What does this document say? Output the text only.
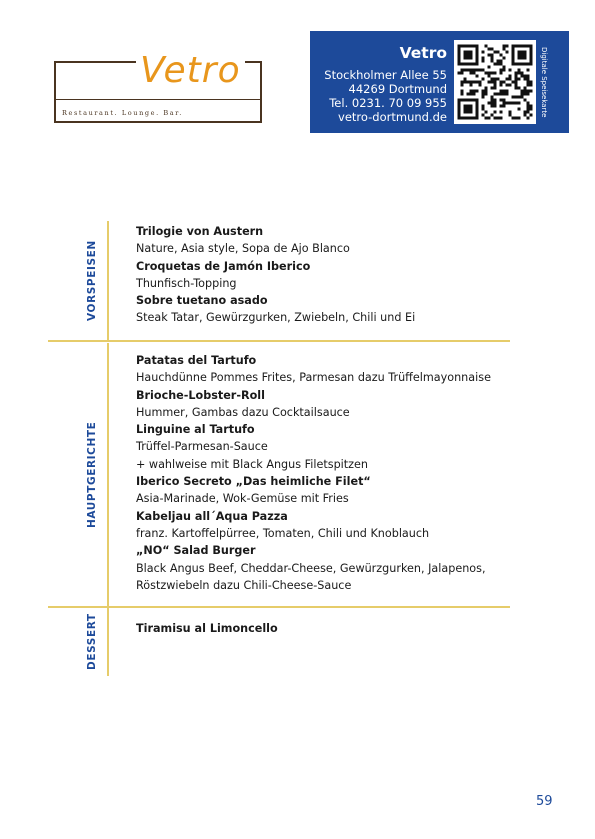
Vetro
Restaurant. Lounge. Bar.
Vetro
Stockholmer Allee 55
44269 Dortmund
Tel. 0231. 70 09 955
vetro-dortmund.de	Digitale Speisekarte
VORSPEISEN
HAUPTGERICHTE
DESSERT
Trilogie von Austern
Nature, Asia style, Sopa de Ajo Blanco
Croquetas de Jamón Iberico
Thunfisch-Topping
Sobre tuetano asado
Steak Tatar, Gewürzgurken, Zwiebeln, Chili und Ei
Patatas del Tartufo
Hauchdünne Pommes Frites, Parmesan dazu Trüffelmayonnaise
Brioche-Lobster-Roll
Hummer, Gambas dazu Cocktailsauce
Linguine al Tartufo
Trüffel-Parmesan-Sauce
+ wahlweise mit Black Angus Filetspitzen
Iberico Secreto „Das heimliche Filet“
Asia-Marinade, Wok-Gemüse mit Fries
Kabeljau all´Aqua Pazza
franz. Kartoffelpürree, Tomaten, Chili und Knoblauch
„NO“ Salad Burger
Black Angus Beef, Cheddar-Cheese, Gewürzgurken, Jalapenos,
Röstzwiebeln dazu Chili-Cheese-Sauce
Tiramisu al Limoncello
59
